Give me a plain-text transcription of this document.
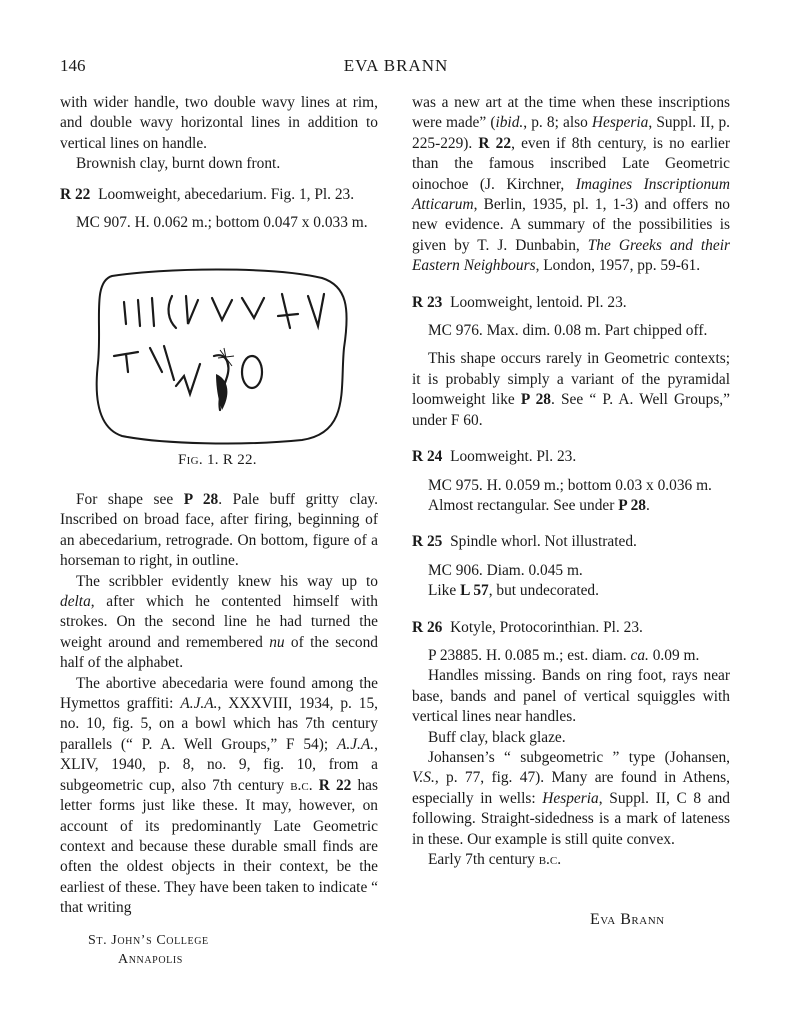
146	EVA BRANN

with wider handle, two double wavy lines at rim, and double wavy horizontal lines in addition to vertical lines on handle.

Brownish clay, burnt down front.

R 22 Loomweight, abecedarium. Fig. 1, Pl. 23.

MC 907. H. 0.062 m.; bottom 0.047 x 0.033 m.

Fig. 1. R 22.

For shape see P 28. Pale buff gritty clay. Inscribed on broad face, after firing, beginning of an abecedarium, retrograde. On bottom, figure of a horseman to right, in outline.

The scribbler evidently knew his way up to delta, after which he contented himself with strokes. On the second line he had turned the weight around and remembered nu of the second half of the alphabet.

The abortive abecedaria were found among the Hymettos graffiti: A.J.A., XXXVIII, 1934, p. 15, no. 10, fig. 5, on a bowl which has 7th century parallels (“ P. A. Well Groups,” F 54); A.J.A., XLIV, 1940, p. 8, no. 9, fig. 10, from a subgeometric cup, also 7th century b.c. R 22 has letter forms just like these. It may, however, on account of its predominantly Late Geometric context and because these durable small finds are often the oldest objects in their context, be the earliest of these. They have been taken to indicate “ that writing

was a new art at the time when these inscriptions were made” (ibid., p. 8; also Hesperia, Suppl. II, p. 225-229). R 22, even if 8th century, is no earlier than the famous inscribed Late Geometric oinochoe (J. Kirchner, Imagines Inscriptionum Atticarum, Berlin, 1935, pl. 1, 1-3) and offers no new evidence. A summary of the possibilities is given by T. J. Dunbabin, The Greeks and their Eastern Neighbours, London, 1957, pp. 59-61.

R 23 Loomweight, lentoid. Pl. 23.

MC 976. Max. dim. 0.08 m. Part chipped off.

This shape occurs rarely in Geometric contexts; it is probably simply a variant of the pyramidal loomweight like P 28. See “ P. A. Well Groups,” under F 60.

R 24 Loomweight. Pl. 23.

MC 975. H. 0.059 m.; bottom 0.03 x 0.036 m.

Almost rectangular. See under P 28.

R 25 Spindle whorl. Not illustrated.

MC 906. Diam. 0.045 m.

Like L 57, but undecorated.

R 26 Kotyle, Protocorinthian. Pl. 23.

P 23885. H. 0.085 m.; est. diam. ca. 0.09 m.

Handles missing. Bands on ring foot, rays near base, bands and panel of vertical squiggles with vertical lines near handles.

Buff clay, black glaze.

Johansen’s “ subgeometric ” type (Johansen, V.S., p. 77, fig. 47). Many are found in Athens, especially in wells: Hesperia, Suppl. II, C 8 and following. Straight-sidedness is a mark of lateness in these. Our example is still quite convex.

Early 7th century b.c.

Eva Brann
St. John’s College
Annapolis
